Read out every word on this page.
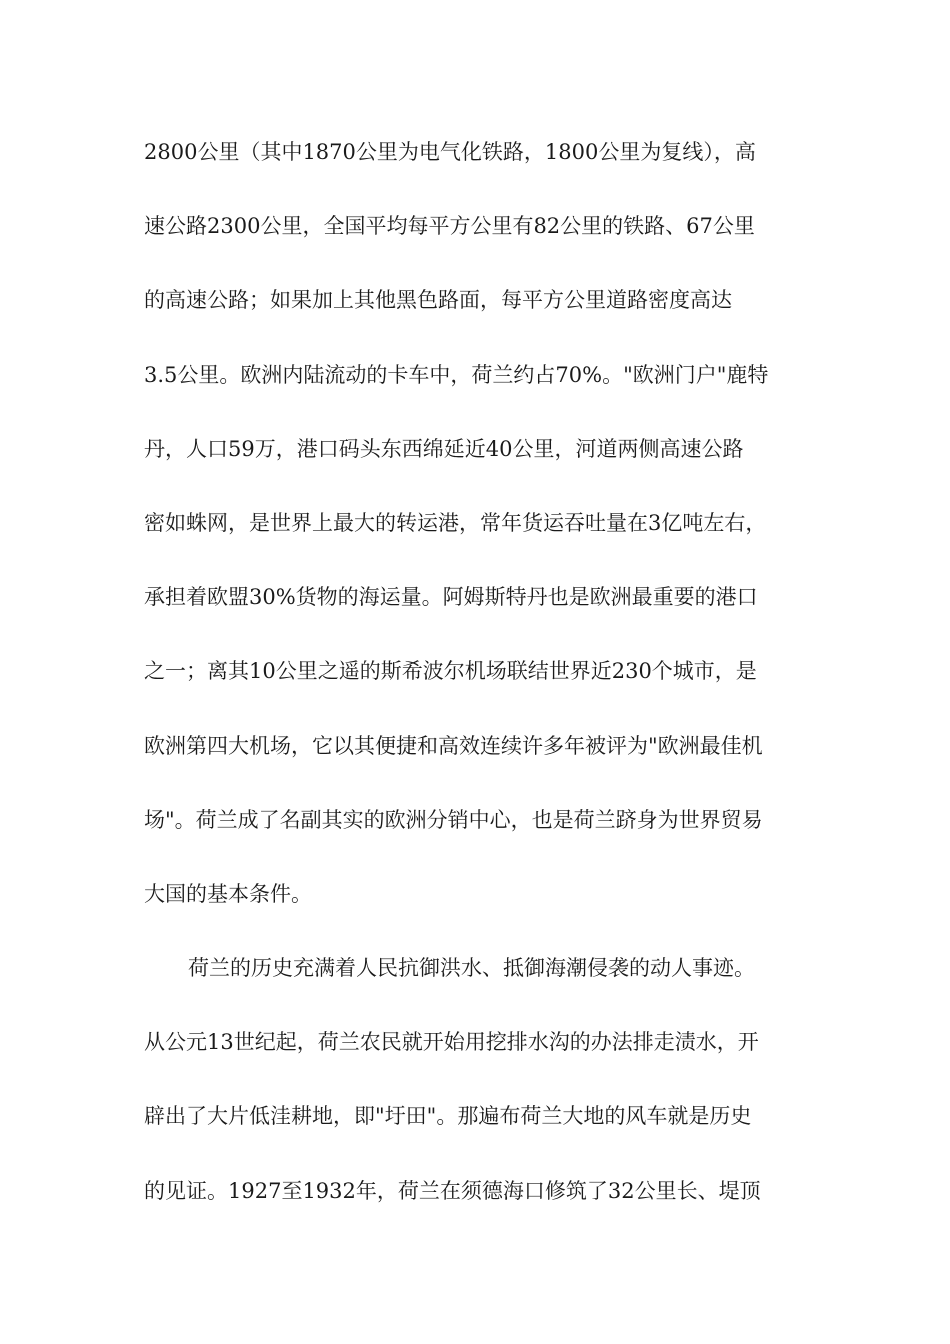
2800公里（其中1870公里为电气化铁路，1800公里为复线），高
速公路2300公里，全国平均每平方公里有82公里的铁路、67公里
的高速公路；如果加上其他黑色路面，每平方公里道路密度高达
3.5公里。欧洲内陆流动的卡车中，荷兰约占70%。"欧洲门户"鹿特
丹，人口59万，港口码头东西绵延近40公里，河道两侧高速公路
密如蛛网，是世界上最大的转运港，常年货运吞吐量在3亿吨左右，
承担着欧盟30%货物的海运量。阿姆斯特丹也是欧洲最重要的港口
之一；离其10公里之遥的斯希波尔机场联结世界近230个城市，是
欧洲第四大机场，它以其便捷和高效连续许多年被评为"欧洲最佳机
场"。荷兰成了名副其实的欧洲分销中心，也是荷兰跻身为世界贸易
大国的基本条件。
荷兰的历史充满着人民抗御洪水、抵御海潮侵袭的动人事迹。
从公元13世纪起，荷兰农民就开始用挖排水沟的办法排走渍水，开
辟出了大片低洼耕地，即"圩田"。那遍布荷兰大地的风车就是历史
的见证。1927至1932年，荷兰在须德海口修筑了32公里长、堤顶
